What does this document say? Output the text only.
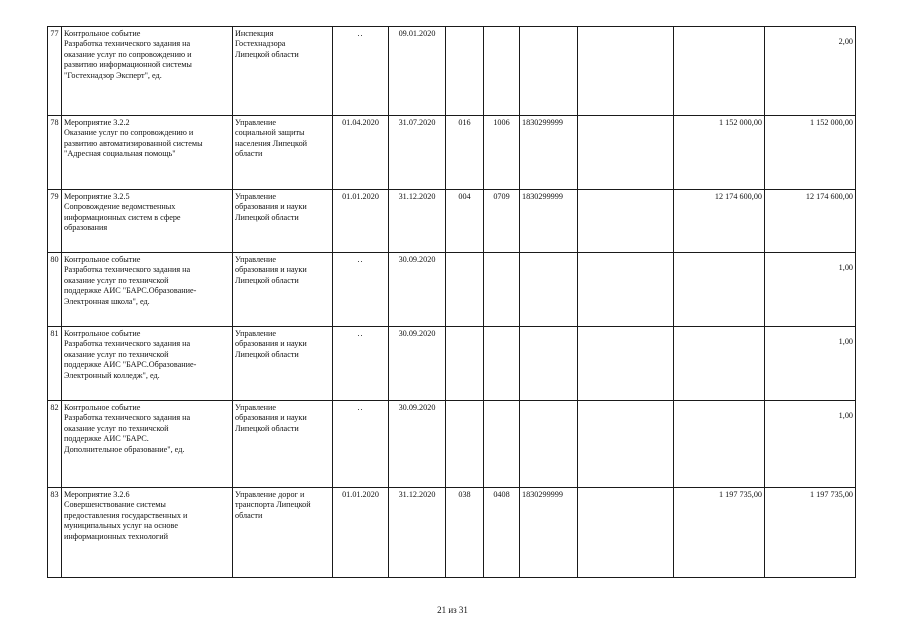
77	Контрольное событие
Разработка технического задания на
оказание услуг по сопровождению и
развитию информационной системы
"Гостехнадзор Эксперт", ед.	Инспекция
Гостехнадзора
Липецкой области	..	09.01.2020						2,00
78	Мероприятие 3.2.2
Оказание услуг по сопровождению и
развитию автоматизированной системы
"Адресная социальная помощь"	Управление
социальной защиты
населения Липецкой
области	01.04.2020	31.07.2020	016	1006	1830299999		1 152 000,00	1 152 000,00
79	Мероприятие 3.2.5
Сопровождение ведомственных
информационных систем в сфере
образования	Управление
образования и науки
Липецкой области	01.01.2020	31.12.2020	004	0709	1830299999		12 174 600,00	12 174 600,00
80	Контрольное событие
Разработка технического задания на
оказание услуг по техничской
поддержке АИС "БАРС.Образование-
Электронная школа", ед.	Управление
образования и науки
Липецкой области	..	30.09.2020						1,00
81	Контрольное событие
Разработка технического задания на
оказание услуг по техничской
поддержке АИС "БАРС.Образование-
Электронный колледж", ед.	Управление
образования и науки
Липецкой области	..	30.09.2020						1,00
82	Контрольное событие
Разработка технического задания на
оказание услуг по техничской
поддержке АИС "БАРС.
Дополнительное образование", ед.	Управление
образования и науки
Липецкой области	..	30.09.2020						1,00
83	Мероприятие 3.2.6
Совершенствование системы
предоставления государственных и
муниципальных услуг на основе
информационных технологий	Управление дорог и
транспорта Липецкой
области	01.01.2020	31.12.2020	038	0408	1830299999		1 197 735,00	1 197 735,00
21 из 31
